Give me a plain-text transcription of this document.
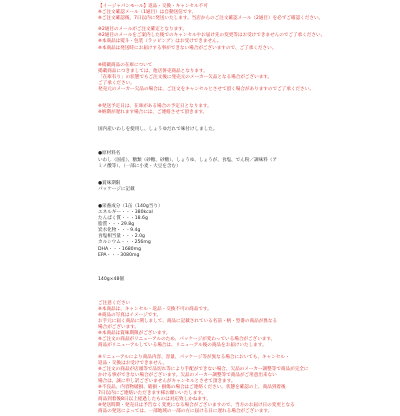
【イージャパンモール】返品・交換・キャンセル不可

※ご注文確認メール（1通目）は自動送信です。

※ご注文確認後、7日以内に発送いたします。当店からのご注文確認メール（2通目）を必ずご確認ください。

※2通目のメールがご注文確定となります。

※2通目のメールをご案内した後でのキャンセルやお届け先の変更等はお受けできませんのでご了承ください。

※本商品は熨斗・包装（ラッピング）はお受けできません。

※本商品は発送時にお届けする事ができない場合がございますので、ご了承ください。

※掲載商品の在庫について

掲載商品につきましては、他店併売商品となります。

「在庫有り」の状態でもご注文後に発売元のメーカー欠品となる場合がございます。

ご了承ください。

発売元のメーカー欠品の場合は、ご注文をキャンセルとさせて頂く場合がありますのでご了承ください。

※発送予定日は、在庫がある場合の予定日となります。

※納期が遅れます場合には、ご連絡させて頂きます。

国内産いわしを使用し、しょうゆだれで味付けしました。

●原材料名

いわし（国産）、糖類（砂糖、砂糖）、しょうゆ、しょうが、食塩、でん粉／調味料（ア

ミノ酸等）、（一部に小麦・大豆を含む）

●賞味期限

パッケージに記載

●栄養成分（1缶（140g当り）

エネルギー・・・380kcal

たんぱく質・・・18.6g

脂質・・・29.8g

炭水化物・・・9.4g

食塩相当量・・・2.0g

カルシウム・・・256mg

DHA・・・1680mg

EPA・・・3080mg

140g×48個

ご注意ください

※本商品は、キャンセル・返品・交換不可の商品です。

※商品の写真はイメージです。

お手元に届く商品に関しまして、商品に記載されている名前・柄・型番の商品が異なる

場合がございます。

※本商品は賞味期限がございます。

※ご注文の商品がリニューアルのため、パッケージが変わっている場合がございます。

商品がリニューアルしている場合は、リニューアル後の商品をお届けいたします。

※リニューアルにより商品内容、容量、パッケージ等が異なる場合においても、キャンセル・

返品・交換はお受けできません。

※ご注文の商品が店頭等で品切れ等により手配ができない場合、欠品のメーカー調整等で商品が完全に

かける事ができない場合がございます。欠品のメーカー調整等で商品がご用意出来ない

場合は、誠に申し訳ございませんがキャンセルとさせて頂きます。

※不良品、内容物破損、破損・損傷の場合はご連絡ください。状態を確認の上、商品到着後

7日以内にご連絡いただきます様お願いいたします。

商品到着後8日以上経過したものは対応致しかねます。

※発送時期・発売日は予告なく変更になる場合がございますので、当方のお届け日の変更となる

商品の発送によっては、一部地域の一部の方に届ける日に遅れる場合がございます。
